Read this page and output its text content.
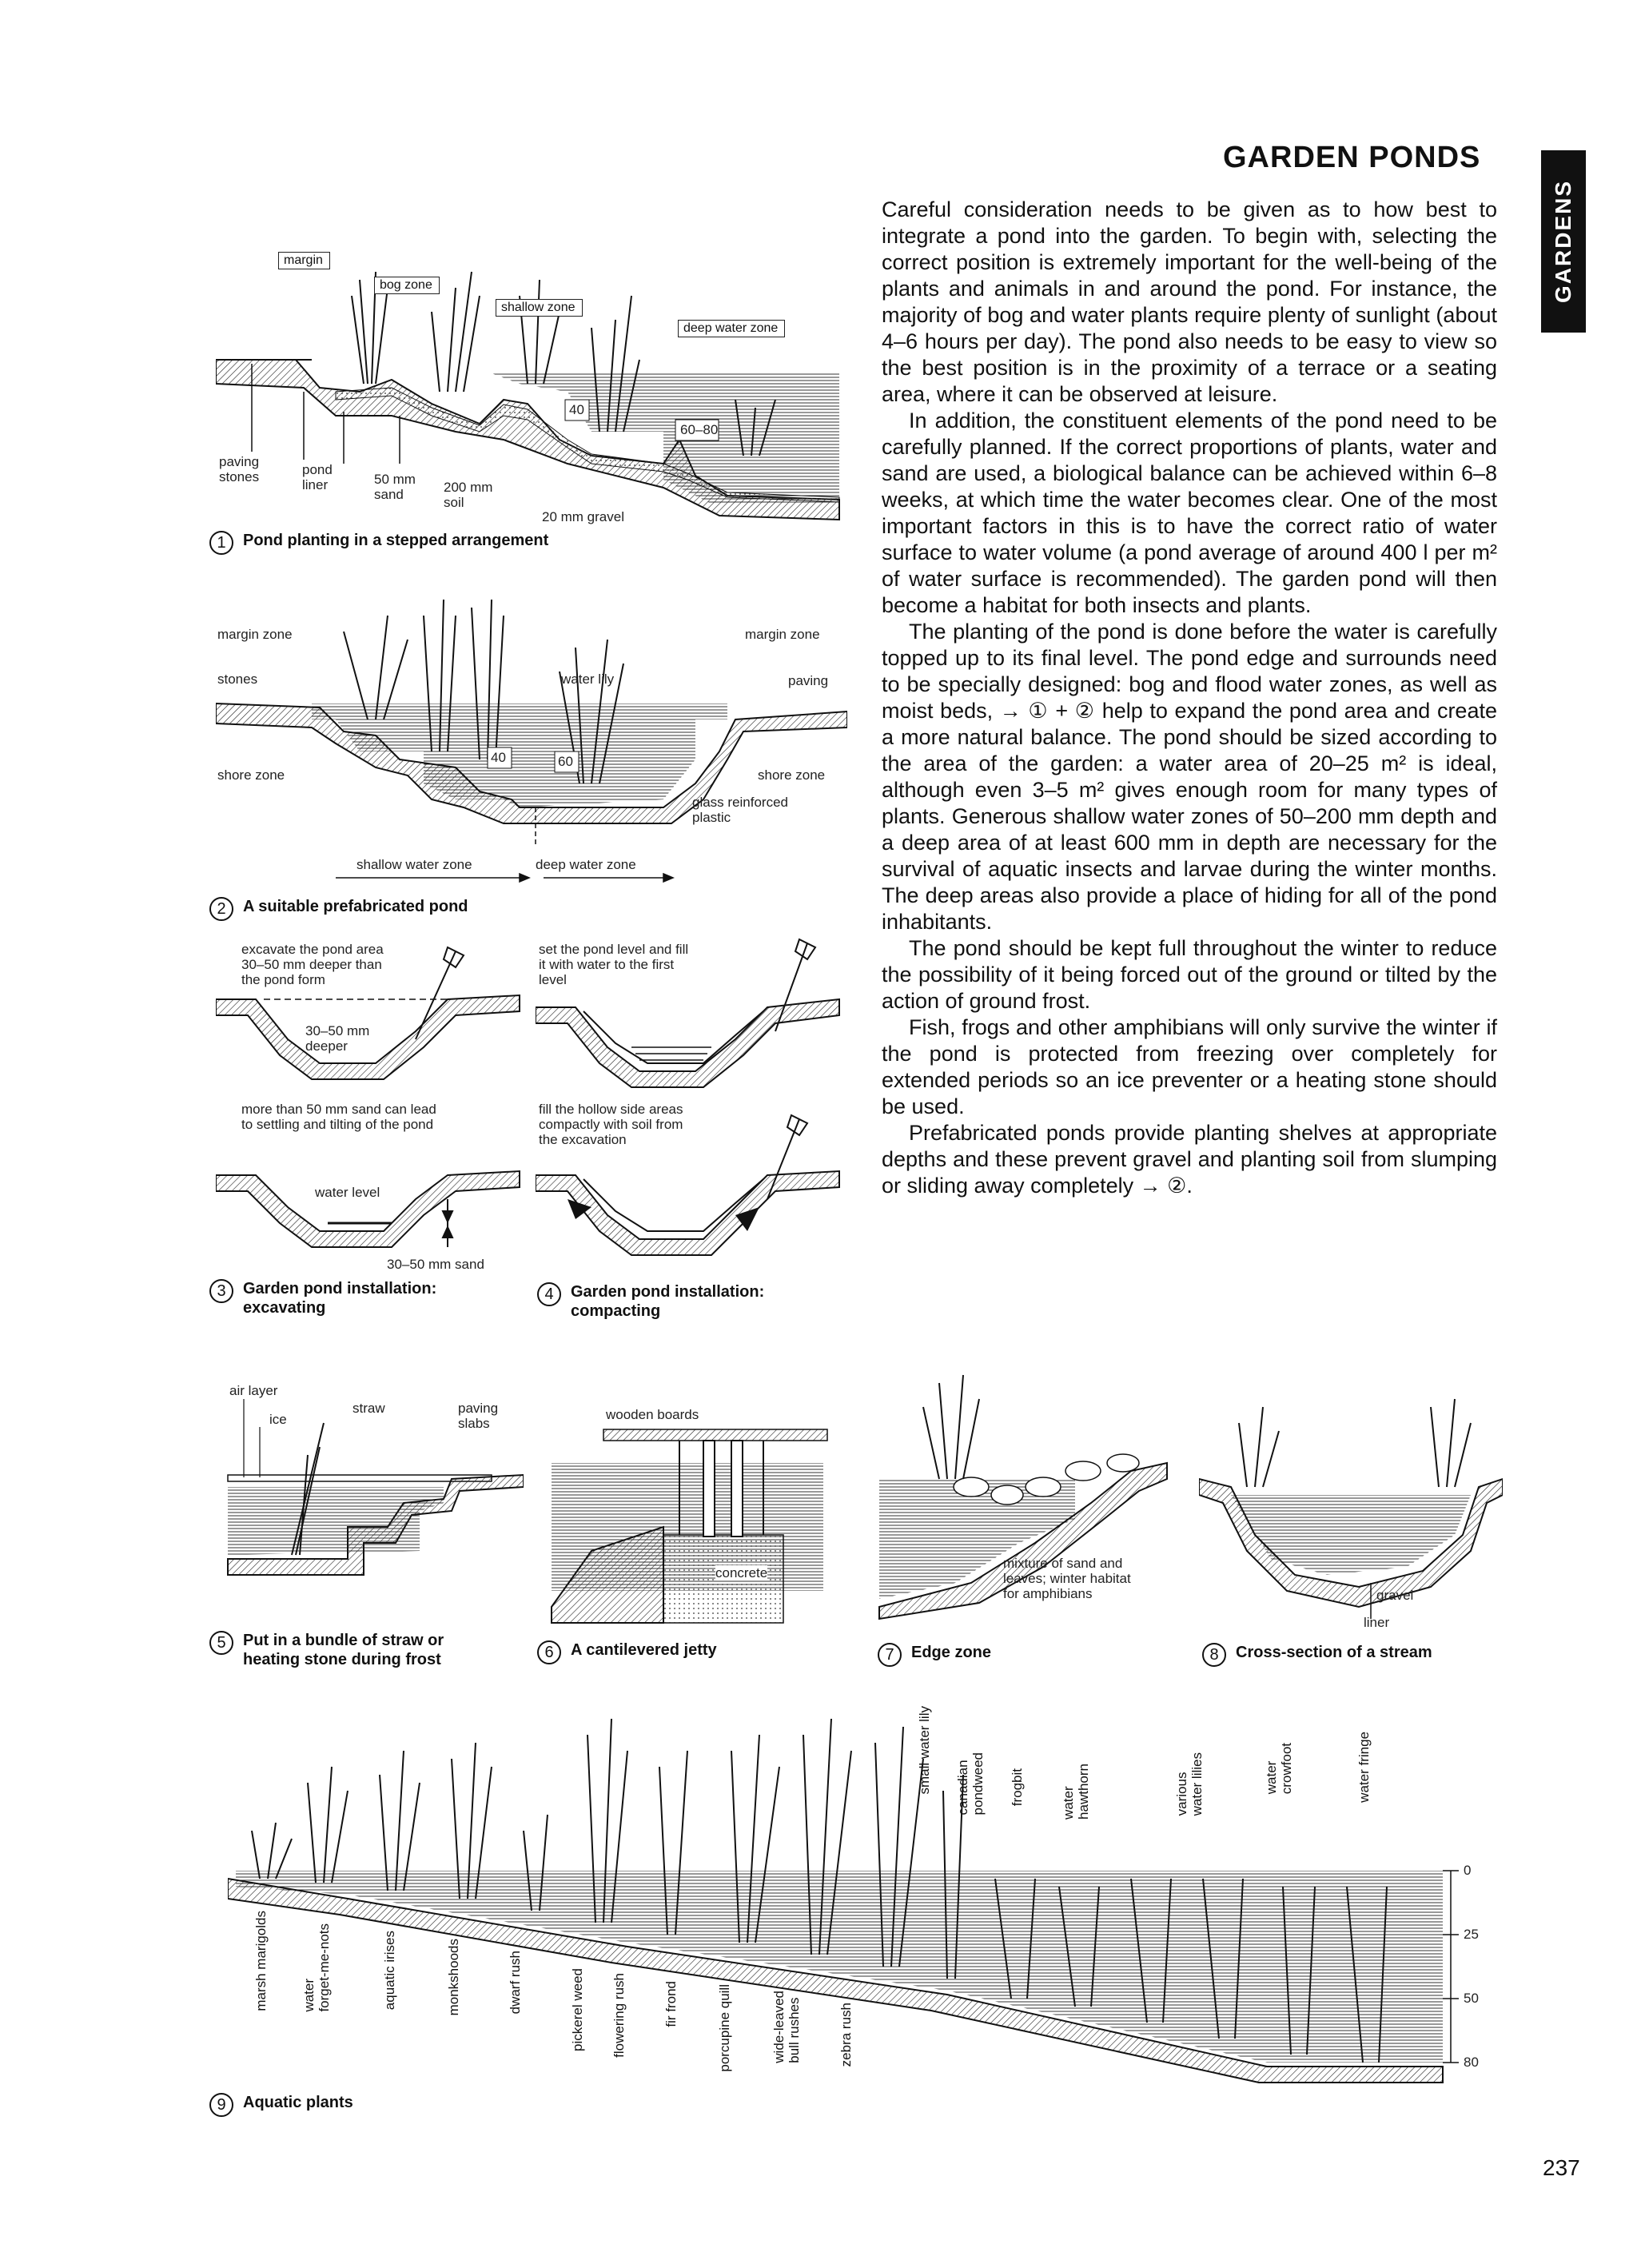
GARDEN PONDS
GARDENS

Careful consideration needs to be given as to how best to integrate a pond into the garden. To begin with, selecting the correct position is extremely important for the well-being of the plants and animals in and around the pond. For instance, the majority of bog and water plants require plenty of sunlight (about 4–6 hours per day). The pond also needs to be easy to view so the best position is in the proximity of a terrace or a seating area, where it can be observed at leisure.

In addition, the constituent elements of the pond need to be carefully planned. If the correct proportions of plants, water and sand are used, a biological balance can be achieved within 6–8 weeks, at which time the water becomes clear. One of the most important factors in this is to have the correct ratio of water surface to water volume (a pond average of around 400 l per m² of water surface is recommended). The garden pond will then become a habitat for both insects and plants.

The planting of the pond is done before the water is carefully topped up to its final level. The pond edge and surrounds need to be specially designed: bog and flood water zones, as well as moist beds, → ① + ② help to expand the pond area and create a more natural balance. The pond should be sized according to the area of the garden: a water area of 20–25 m² is ideal, although even 3–5 m² gives enough room for many types of plants. Generous shallow water zones of 50–200 mm depth and a deep area of at least 600 mm in depth are necessary for the survival of aquatic insects and larvae during the winter months. The deep areas also provide a place of hiding for all of the pond inhabitants.

The pond should be kept full throughout the winter to reduce the possibility of it being forced out of the ground or tilted by the action of ground frost.

Fish, frogs and other amphibians will only survive the winter if the pond is protected from freezing over completely for extended periods so an ice preventer or a heating stone should be used.

Prefabricated ponds provide planting shelves at appropriate depths and these prevent gravel and planting soil from slumping or sliding away completely → ②.

margin
bog zone
shallow zone
deep water zone
paving
stones	pond
liner	50 mm
sand	200 mm
soil
20 mm gravel
40
60–80
1	Pond planting in a stepped arrangement
margin zone
stones
shore zone
water lily
margin zone
paving
shore zone
glass reinforced
plastic
shallow water zone	deep water zone
40	60
2	A suitable prefabricated pond
excavate the pond area
30–50 mm deeper than
the pond form
30–50 mm
deeper
more than 50 mm sand can lead
to settling and tilting of the pond
water level
30–50 mm sand
3	Garden pond installation:
excavating
set the pond level and fill
it with water to the first
level
fill the hollow side areas
compactly with soil from
the excavation
4	Garden pond installation:
compacting
air layer
ice
straw	paving
slabs
5	Put in a bundle of straw or
heating stone during frost
wooden boards
concrete
6	A cantilevered jetty
mixture of sand and
leaves; winter habitat
for amphibians
7	Edge zone
gravel
liner
8	Cross-section of a stream
0
25
50
80
marsh marigolds water
forget-me-nots	aquatic irises	monkshoods	dwarf rush	pickerel weed flowering rush	fir frond	porcupine quill	wide-leaved
bull rushes	zebra rush
small water lily canadian
pondweed frogbit	water
hawthorn	various
water lilies	water
crowfoot	water fringe
9	Aquatic plants
237
